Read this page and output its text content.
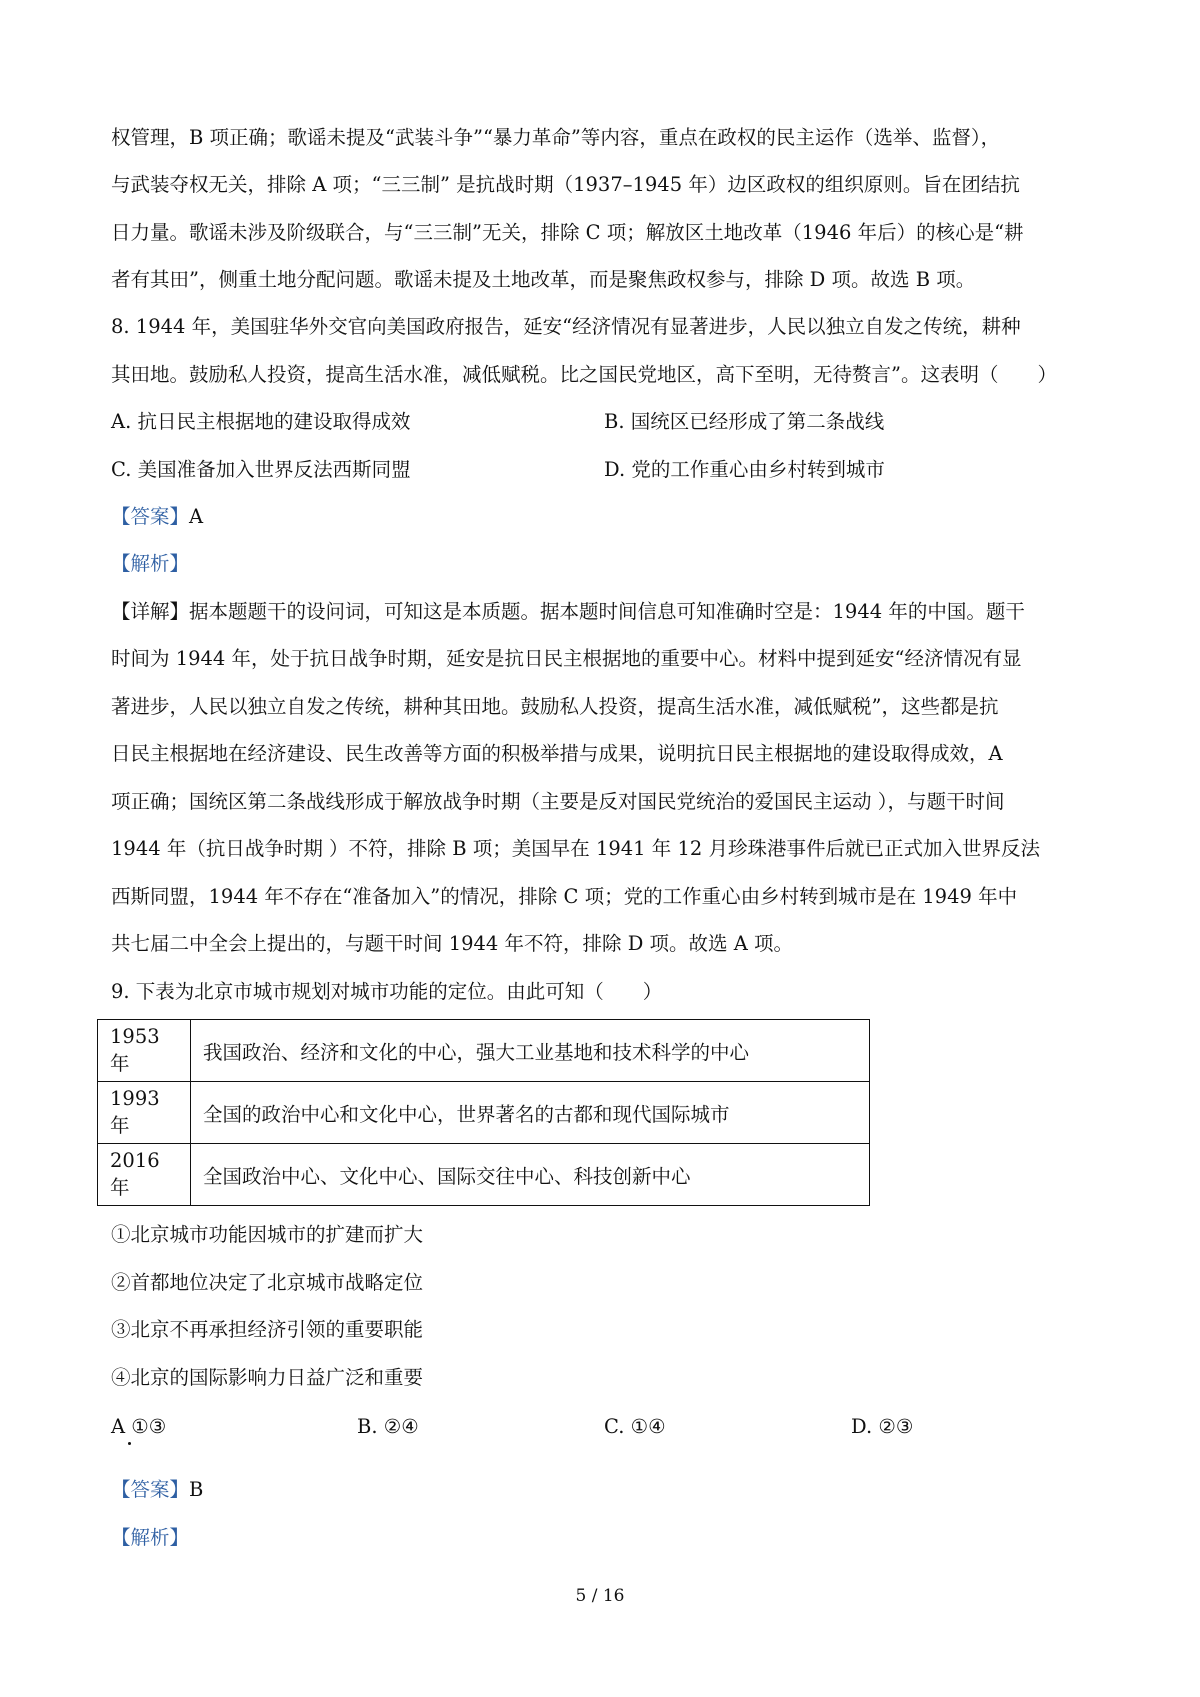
权管理，B 项正确；歌谣未提及“武装斗争”“暴力革命”等内容，重点在政权的民主运作（选举、监督），
与武装夺权无关，排除 A 项；“三三制” 是抗战时期（1937–1945 年）边区政权的组织原则。旨在团结抗
日力量。歌谣未涉及阶级联合，与“三三制”无关，排除 C 项；解放区土地改革（1946 年后）的核心是“耕
者有其田”，侧重土地分配问题。歌谣未提及土地改革，而是聚焦政权参与，排除 D 项。故选 B 项。
8. 1944 年，美国驻华外交官向美国政府报告，延安“经济情况有显著进步，人民以独立自发之传统，耕种
其田地。鼓励私人投资，提高生活水准，减低赋税。比之国民党地区，高下至明，无待赘言”。这表明（　　）
A. 抗日民主根据地的建设取得成效	B. 国统区已经形成了第二条战线
C. 美国准备加入世界反法西斯同盟	D. 党的工作重心由乡村转到城市
【答案】A
【解析】
【详解】据本题题干的设问词，可知这是本质题。据本题时间信息可知准确时空是：1944 年的中国。题干
时间为 1944 年，处于抗日战争时期，延安是抗日民主根据地的重要中心。材料中提到延安“经济情况有显
著进步，人民以独立自发之传统，耕种其田地。鼓励私人投资，提高生活水准，减低赋税”，这些都是抗
日民主根据地在经济建设、民生改善等方面的积极举措与成果，说明抗日民主根据地的建设取得成效，A
项正确；国统区第二条战线形成于解放战争时期（主要是反对国民党统治的爱国民主运动 ），与题干时间
1944 年（抗日战争时期 ）不符，排除 B 项；美国早在 1941 年 12 月珍珠港事件后就已正式加入世界反法
西斯同盟，1944 年不存在“准备加入”的情况，排除 C 项；党的工作重心由乡村转到城市是在 1949 年中
共七届二中全会上提出的，与题干时间 1944 年不符，排除 D 项。故选 A 项。
9. 下表为北京市城市规划对城市功能的定位。由此可知（　　）
1953 年	我国政治、经济和文化的中心，强大工业基地和技术科学的中心
1993 年	全国的政治中心和文化中心，世界著名的古都和现代国际城市
2016 年	全国政治中心、文化中心、国际交往中心、科技创新中心
①北京城市功能因城市的扩建而扩大
②首都地位决定了北京城市战略定位
③北京不再承担经济引领的重要职能
④北京的国际影响力日益广泛和重要
A ①③	B. ②④	C. ①④	D. ②③
【答案】B
【解析】
5 / 16
